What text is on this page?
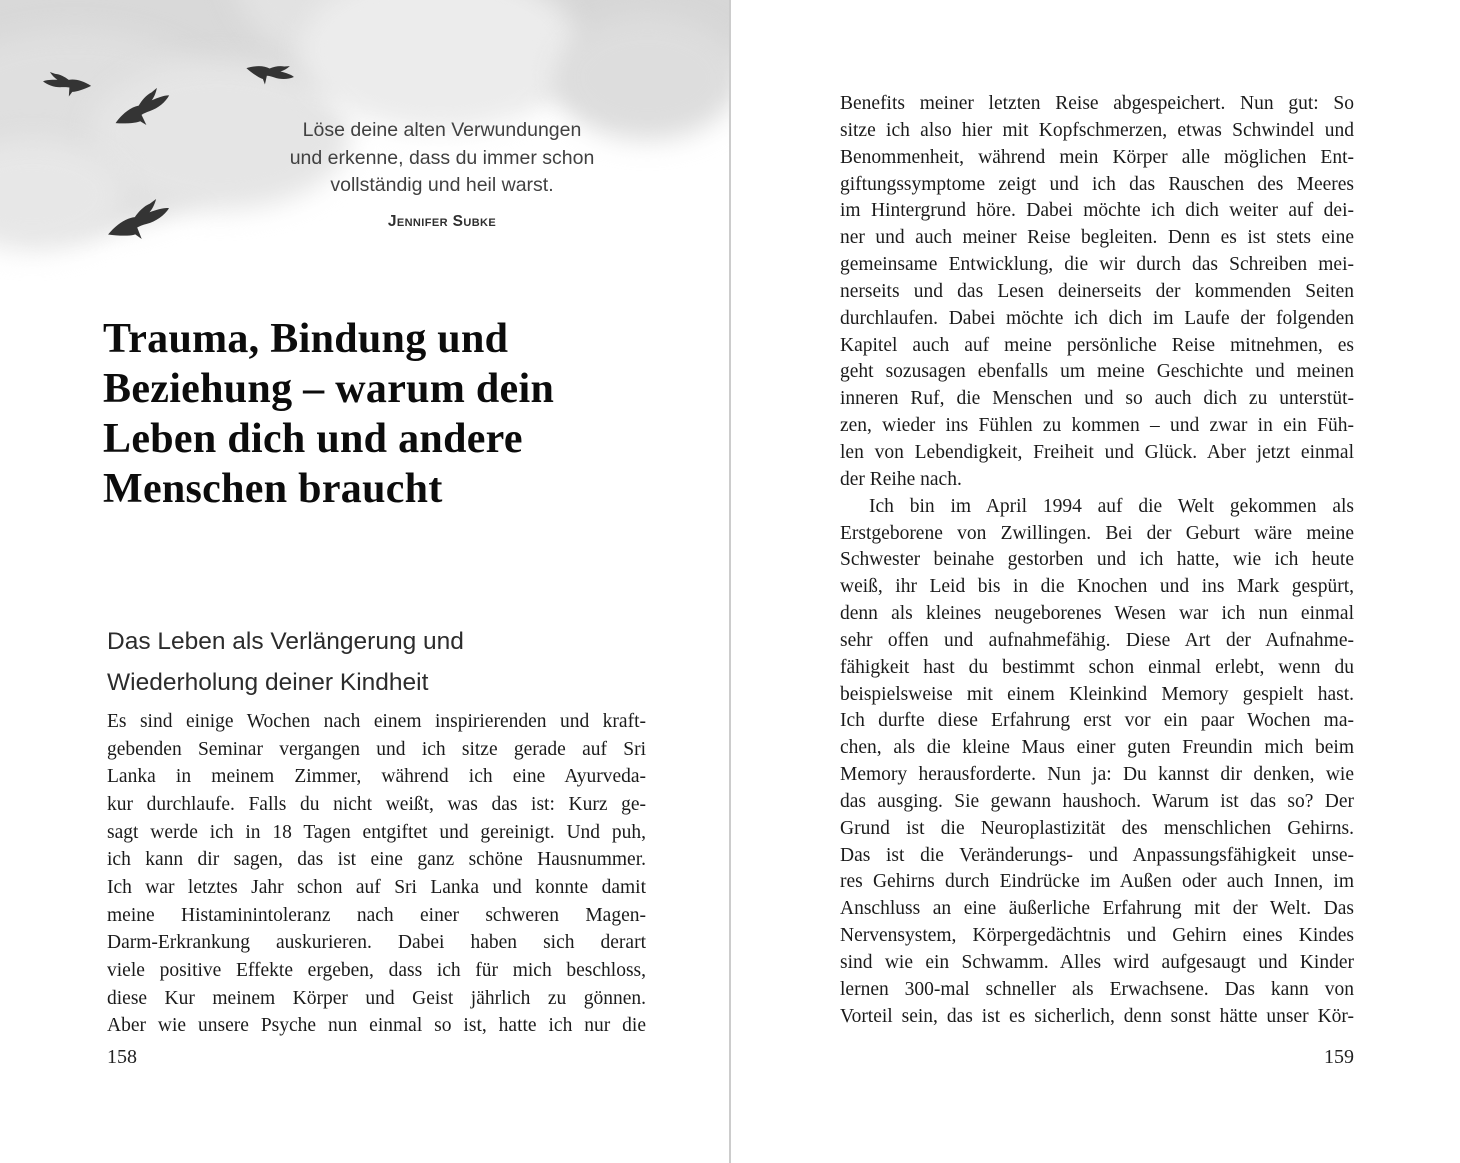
Löse deine alten Verwundungen
und erkenne, dass du immer schon
vollständig und heil warst.
Jennifer Subke
Trauma, Bindung und
Beziehung – warum dein
Leben dich und andere
Menschen braucht
Das Leben als Verlängerung und
Wiederholung deiner Kindheit
Es sind einige Wochen nach einem inspirierenden und kraft-
gebenden Seminar vergangen und ich sitze gerade auf Sri
Lanka in meinem Zimmer, während ich eine Ayurveda-
kur durchlaufe. Falls du nicht weißt, was das ist: Kurz ge-
sagt werde ich in 18 Tagen entgiftet und gereinigt. Und puh,
ich kann dir sagen, das ist eine ganz schöne Hausnummer.
Ich war letztes Jahr schon auf Sri Lanka und konnte damit
meine Histaminintoleranz nach einer schweren Magen-
Darm-Erkrankung auskurieren. Dabei haben sich derart
viele positive Effekte ergeben, dass ich für mich beschloss,
diese Kur meinem Körper und Geist jährlich zu gönnen.
Aber wie unsere Psyche nun einmal so ist, hatte ich nur die
158
Benefits meiner letzten Reise abgespeichert. Nun gut: So
sitze ich also hier mit Kopfschmerzen, etwas Schwindel und
Benommenheit, während mein Körper alle möglichen Ent-
giftungssymptome zeigt und ich das Rauschen des Meeres
im Hintergrund höre. Dabei möchte ich dich weiter auf dei-
ner und auch meiner Reise begleiten. Denn es ist stets eine
gemeinsame Entwicklung, die wir durch das Schreiben mei-
nerseits und das Lesen deinerseits der kommenden Seiten
durchlaufen. Dabei möchte ich dich im Laufe der folgenden
Kapitel auch auf meine persönliche Reise mitnehmen, es
geht sozusagen ebenfalls um meine Geschichte und meinen
inneren Ruf, die Menschen und so auch dich zu unterstüt-
zen, wieder ins Fühlen zu kommen – und zwar in ein Füh-
len von Lebendigkeit, Freiheit und Glück. Aber jetzt einmal
der Reihe nach.
Ich bin im April 1994 auf die Welt gekommen als
Erstgeborene von Zwillingen. Bei der Geburt wäre meine
Schwester beinahe gestorben und ich hatte, wie ich heute
weiß, ihr Leid bis in die Knochen und ins Mark gespürt,
denn als kleines neugeborenes Wesen war ich nun einmal
sehr offen und aufnahmefähig. Diese Art der Aufnahme-
fähigkeit hast du bestimmt schon einmal erlebt, wenn du
beispielsweise mit einem Kleinkind Memory gespielt hast.
Ich durfte diese Erfahrung erst vor ein paar Wochen ma-
chen, als die kleine Maus einer guten Freundin mich beim
Memory herausforderte. Nun ja: Du kannst dir denken, wie
das ausging. Sie gewann haushoch. Warum ist das so? Der
Grund ist die Neuroplastizität des menschlichen Gehirns.
Das ist die Veränderungs- und Anpassungsfähigkeit unse-
res Gehirns durch Eindrücke im Außen oder auch Innen, im
Anschluss an eine äußerliche Erfahrung mit der Welt. Das
Nervensystem, Körpergedächtnis und Gehirn eines Kindes
sind wie ein Schwamm. Alles wird aufgesaugt und Kinder
lernen 300-mal schneller als Erwachsene. Das kann von
Vorteil sein, das ist es sicherlich, denn sonst hätte unser Kör-
159
